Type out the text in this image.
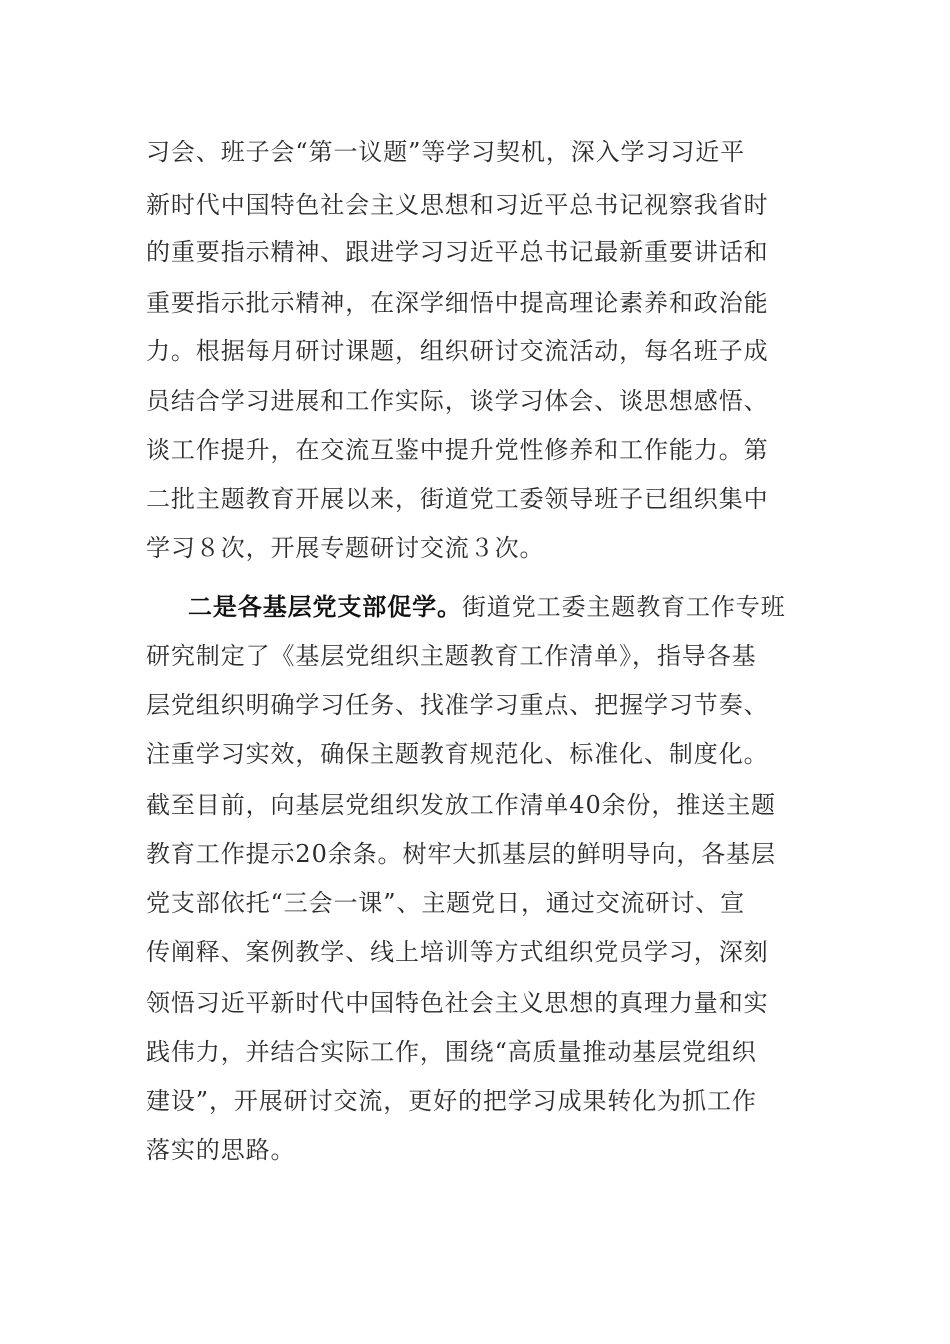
习会、班子会“第一议题”等学习契机，深入学习习近平
新时代中国特色社会主义思想和习近平总书记视察我省时
的重要指示精神、跟进学习习近平总书记最新重要讲话和
重要指示批示精神，在深学细悟中提高理论素养和政治能
力。根据每月研讨课题，组织研讨交流活动，每名班子成
员结合学习进展和工作实际，谈学习体会、谈思想感悟、
谈工作提升，在交流互鉴中提升党性修养和工作能力。第
二批主题教育开展以来，街道党工委领导班子已组织集中
学习８次，开展专题研讨交流３次。
二是各基层党支部促学。街道党工委主题教育工作专班
研究制定了《基层党组织主题教育工作清单》，指导各基
层党组织明确学习任务、找准学习重点、把握学习节奏、
注重学习实效，确保主题教育规范化、标准化、制度化。
截至目前，向基层党组织发放工作清单40余份，推送主题
教育工作提示20余条。树牢大抓基层的鲜明导向，各基层
党支部依托“三会一课”、主题党日，通过交流研讨、宣
传阐释、案例教学、线上培训等方式组织党员学习，深刻
领悟习近平新时代中国特色社会主义思想的真理力量和实
践伟力，并结合实际工作，围绕“高质量推动基层党组织
建设”，开展研讨交流，更好的把学习成果转化为抓工作
落实的思路。
